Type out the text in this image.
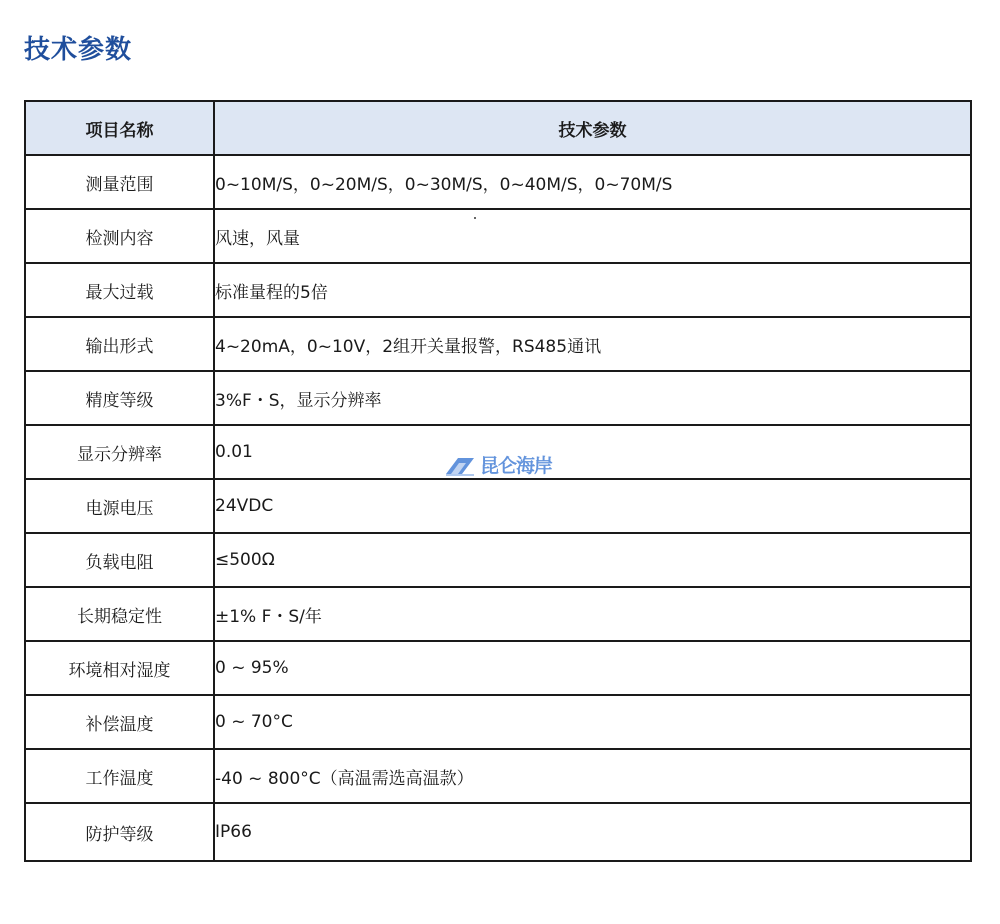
技术参数
项目名称	技术参数
测量范围	0~10M/S，0~20M/S，0~30M/S，0~40M/S，0~70M/S
检测内容	风速，风量
最大过载	标准量程的5倍
输出形式	4~20mA，0~10V，2组开关量报警，RS485通讯
精度等级	3%F・S，显示分辨率
显示分辨率	0.01
电源电压	24VDC
负载电阻	≤500Ω
长期稳定性	±1% F・S/年
环境相对湿度	0 ~ 95%
补偿温度	0 ~ 70°C
工作温度	-40 ~ 800°C（高温需选高温款）
防护等级	IP66
昆仑海岸
